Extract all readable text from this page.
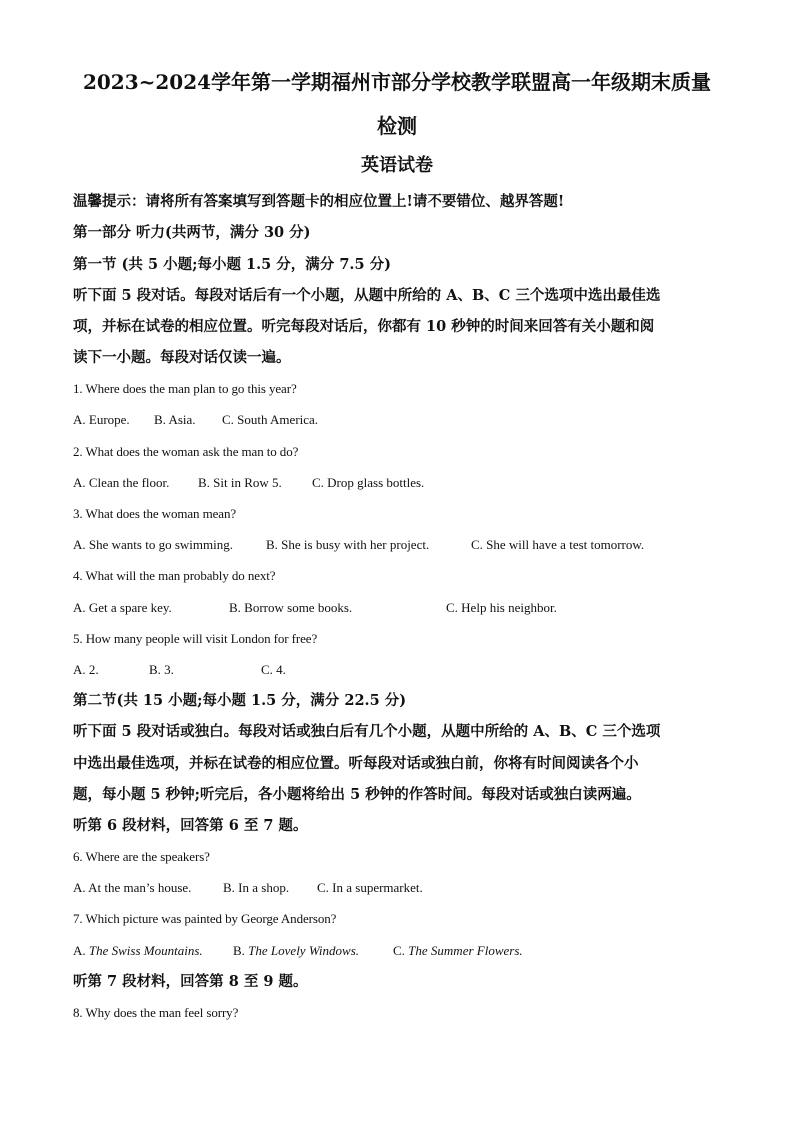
2023~2024学年第一学期福州市部分学校教学联盟高一年级期末质量
检测
英语试卷
温馨提示：请将所有答案填写到答题卡的相应位置上!请不要错位、越界答题!
第一部分 听力(共两节，满分 30 分)
第一节 (共 5 小题;每小题 1.5 分，满分 7.5 分)
听下面 5 段对话。每段对话后有一个小题，从题中所给的 A、B、C 三个选项中选出最佳选
项，并标在试卷的相应位置。听完每段对话后，你都有 10 秒钟的时间来回答有关小题和阅
读下一小题。每段对话仅读一遍。
1. Where does the man plan to go this year?
A. Europe. B. Asia. C. South America.
2. What does the woman ask the man to do?
A. Clean the floor. B. Sit in Row 5. C. Drop glass bottles.
3. What does the woman mean?
A. She wants to go swimming.	B. She is busy with her project.	C. She will have a test tomorrow.
4. What will the man probably do next?
A. Get a spare key.	B. Borrow some books.	C. Help his neighbor.
5. How many people will visit London for free?
A. 2.	B. 3.	C. 4.
第二节(共 15 小题;每小题 1.5 分，满分 22.5 分)
听下面 5 段对话或独白。每段对话或独白后有几个小题，从题中所给的 A、B、C 三个选项
中选出最佳选项，并标在试卷的相应位置。听每段对话或独白前，你将有时间阅读各个小
题，每小题 5 秒钟;听完后，各小题将给出 5 秒钟的作答时间。每段对话或独白读两遍。
听第 6 段材料，回答第 6 至 7 题。
6. Where are the speakers?
A. At the man’s house. B. In a shop. C. In a supermarket.
7. Which picture was painted by George Anderson?
A. The Swiss Mountains. B. The Lovely Windows.	C. The Summer Flowers.
听第 7 段材料，回答第 8 至 9 题。
8. Why does the man feel sorry?
